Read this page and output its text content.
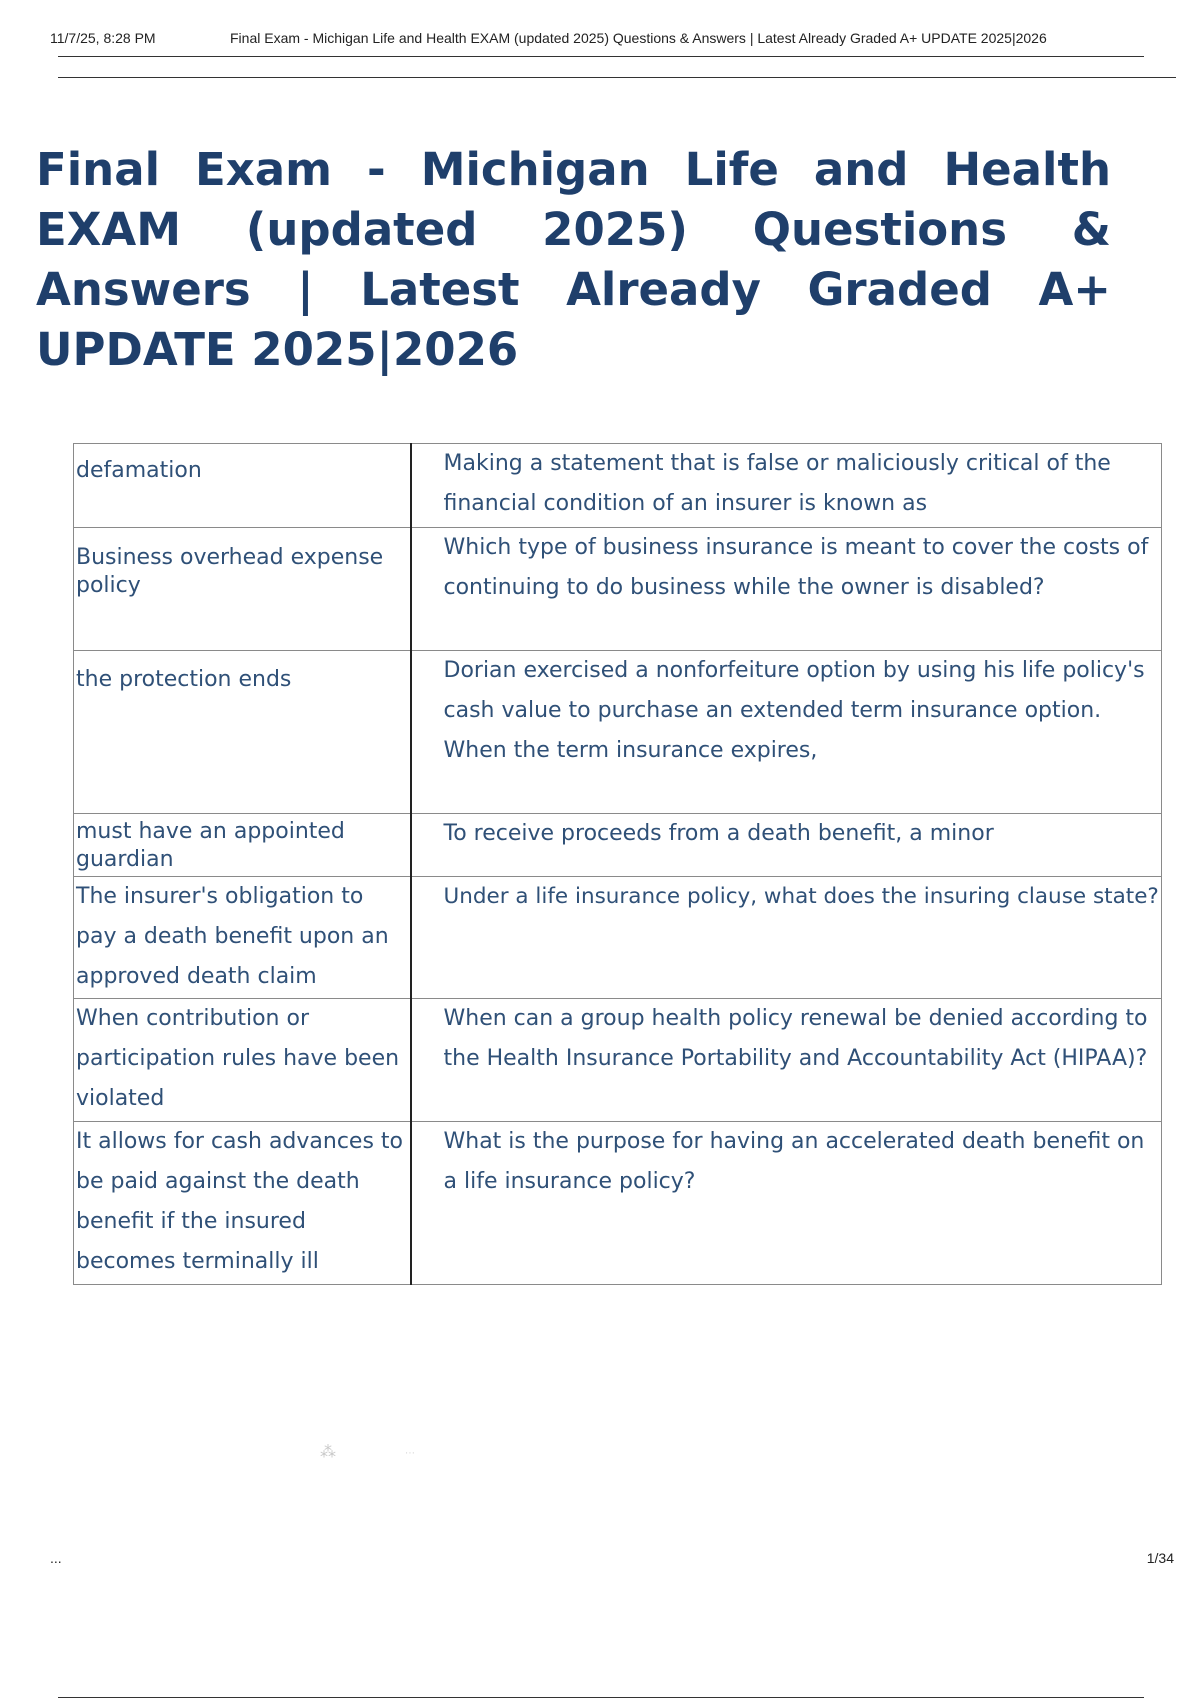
11/7/25, 8:28 PM	Final Exam - Michigan Life and Health EXAM (updated 2025) Questions & Answers | Latest Already Graded A+ UPDATE 2025|2026
Final Exam - Michigan Life and Health EXAM (updated 2025) Questions & Answers | Latest Already Graded A+ UPDATE 2025|2026
defamation	Making a statement that is false or maliciously critical of the financial condition of an insurer is known as

Business overhead expense policy	Which type of business insurance is meant to cover the costs of continuing to do business while the owner is disabled?

the protection ends	Dorian exercised a nonforfeiture option by using his life policy's cash value to purchase an extended term insurance option. When the term insurance expires,

must have an appointed guardian	To receive proceeds from a death benefit, a minor

The insurer's obligation to pay a death benefit upon an approved death claim	Under a life insurance policy, what does the insuring clause state?

When contribution or participation rules have been violated	When can a group health policy renewal be denied according to the Health Insurance Portability and Accountability Act (HIPAA)?

It allows for cash advances to be paid against the death benefit if the insured becomes terminally ill	What is the purpose for having an accelerated death benefit on a life insurance policy?
⁂	⋯
...	1/34
